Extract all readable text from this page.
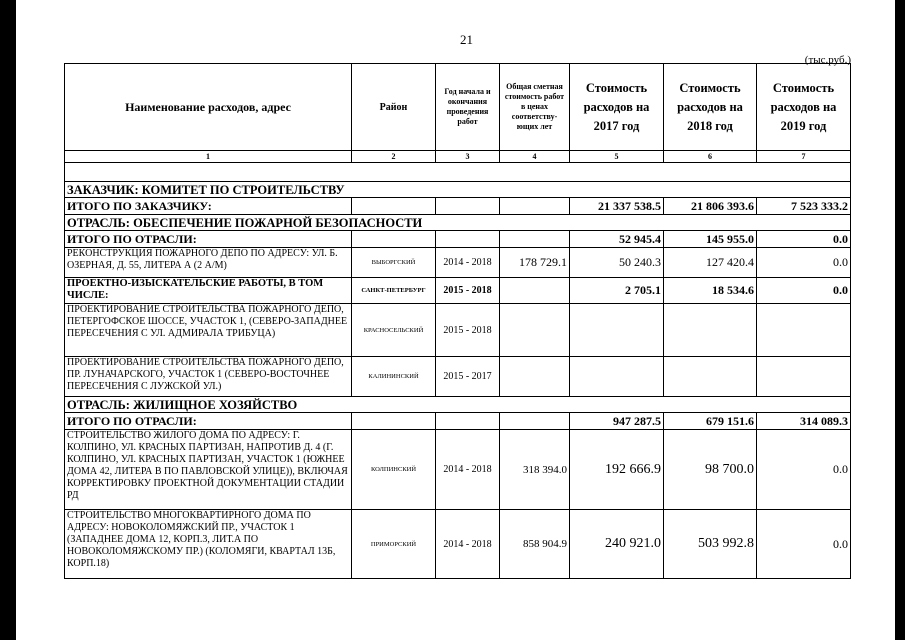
21
(тыс.руб.)
Наименование расходов, адрес	Район	Год начала и окончания проведения работ	Общая сметная стоимость работ в ценах соответству-ющих лет	Стоимость расходов на 2017 год	Стоимость расходов на 2018 год	Стоимость расходов на 2019 год
1	2	3	4	5	6	7

ЗАКАЗЧИК: КОМИТЕТ ПО СТРОИТЕЛЬСТВУ						
ИТОГО ПО ЗАКАЗЧИКУ:				21 337 538.5	21 806 393.6	7 523 333.2
ОТРАСЛЬ: ОБЕСПЕЧЕНИЕ ПОЖАРНОЙ БЕЗОПАСНОСТИ						
ИТОГО ПО ОТРАСЛИ:				52 945.4	145 955.0	0.0
РЕКОНСТРУКЦИЯ ПОЖАРНОГО ДЕПО ПО АДРЕСУ: УЛ. Б. ОЗЕРНАЯ, Д. 55, ЛИТЕРА А (2 А/М)	ВЫБОРГСКИЙ	2014 - 2018	178 729.1	50 240.3	127 420.4	0.0
ПРОЕКТНО-ИЗЫСКАТЕЛЬСКИЕ РАБОТЫ, В ТОМ ЧИСЛЕ:	САНКТ-ПЕТЕРБУРГ	2015 - 2018		2 705.1	18 534.6	0.0
ПРОЕКТИРОВАНИЕ СТРОИТЕЛЬСТВА ПОЖАРНОГО ДЕПО, ПЕТЕРГОФСКОЕ ШОССЕ, УЧАСТОК 1, (СЕВЕРО-ЗАПАДНЕЕ ПЕРЕСЕЧЕНИЯ С УЛ. АДМИРАЛА ТРИБУЦА)	КРАСНОСЕЛЬСКИЙ	2015 - 2018				
ПРОЕКТИРОВАНИЕ СТРОИТЕЛЬСТВА ПОЖАРНОГО ДЕПО, ПР. ЛУНАЧАРСКОГО, УЧАСТОК 1 (СЕВЕРО-ВОСТОЧНЕЕ ПЕРЕСЕЧЕНИЯ С ЛУЖСКОЙ УЛ.)	КАЛИНИНСКИЙ	2015 - 2017				
ОТРАСЛЬ: ЖИЛИЩНОЕ ХОЗЯЙСТВО						
ИТОГО ПО ОТРАСЛИ:				947 287.5	679 151.6	314 089.3
СТРОИТЕЛЬСТВО ЖИЛОГО ДОМА ПО АДРЕСУ: Г. КОЛПИНО, УЛ. КРАСНЫХ ПАРТИЗАН, НАПРОТИВ Д. 4 (Г. КОЛПИНО, УЛ. КРАСНЫХ ПАРТИЗАН, УЧАСТОК 1 (ЮЖНЕЕ ДОМА 42, ЛИТЕРА В ПО ПАВЛОВСКОЙ УЛИЦЕ)), ВКЛЮЧАЯ КОРРЕКТИРОВКУ ПРОЕКТНОЙ ДОКУМЕНТАЦИИ СТАДИИ РД	КОЛПИНСКИЙ	2014 - 2018	318 394.0	192 666.9	98 700.0	0.0
СТРОИТЕЛЬСТВО МНОГОКВАРТИРНОГО ДОМА ПО АДРЕСУ: НОВОКОЛОМЯЖСКИЙ ПР., УЧАСТОК 1 (ЗАПАДНЕЕ ДОМА 12, КОРП.3, ЛИТ.А ПО НОВОКОЛОМЯЖСКОМУ ПР.) (КОЛОМЯГИ, КВАРТАЛ 13Б, КОРП.18)	ПРИМОРСКИЙ	2014 - 2018	858 904.9	240 921.0	503 992.8	0.0
